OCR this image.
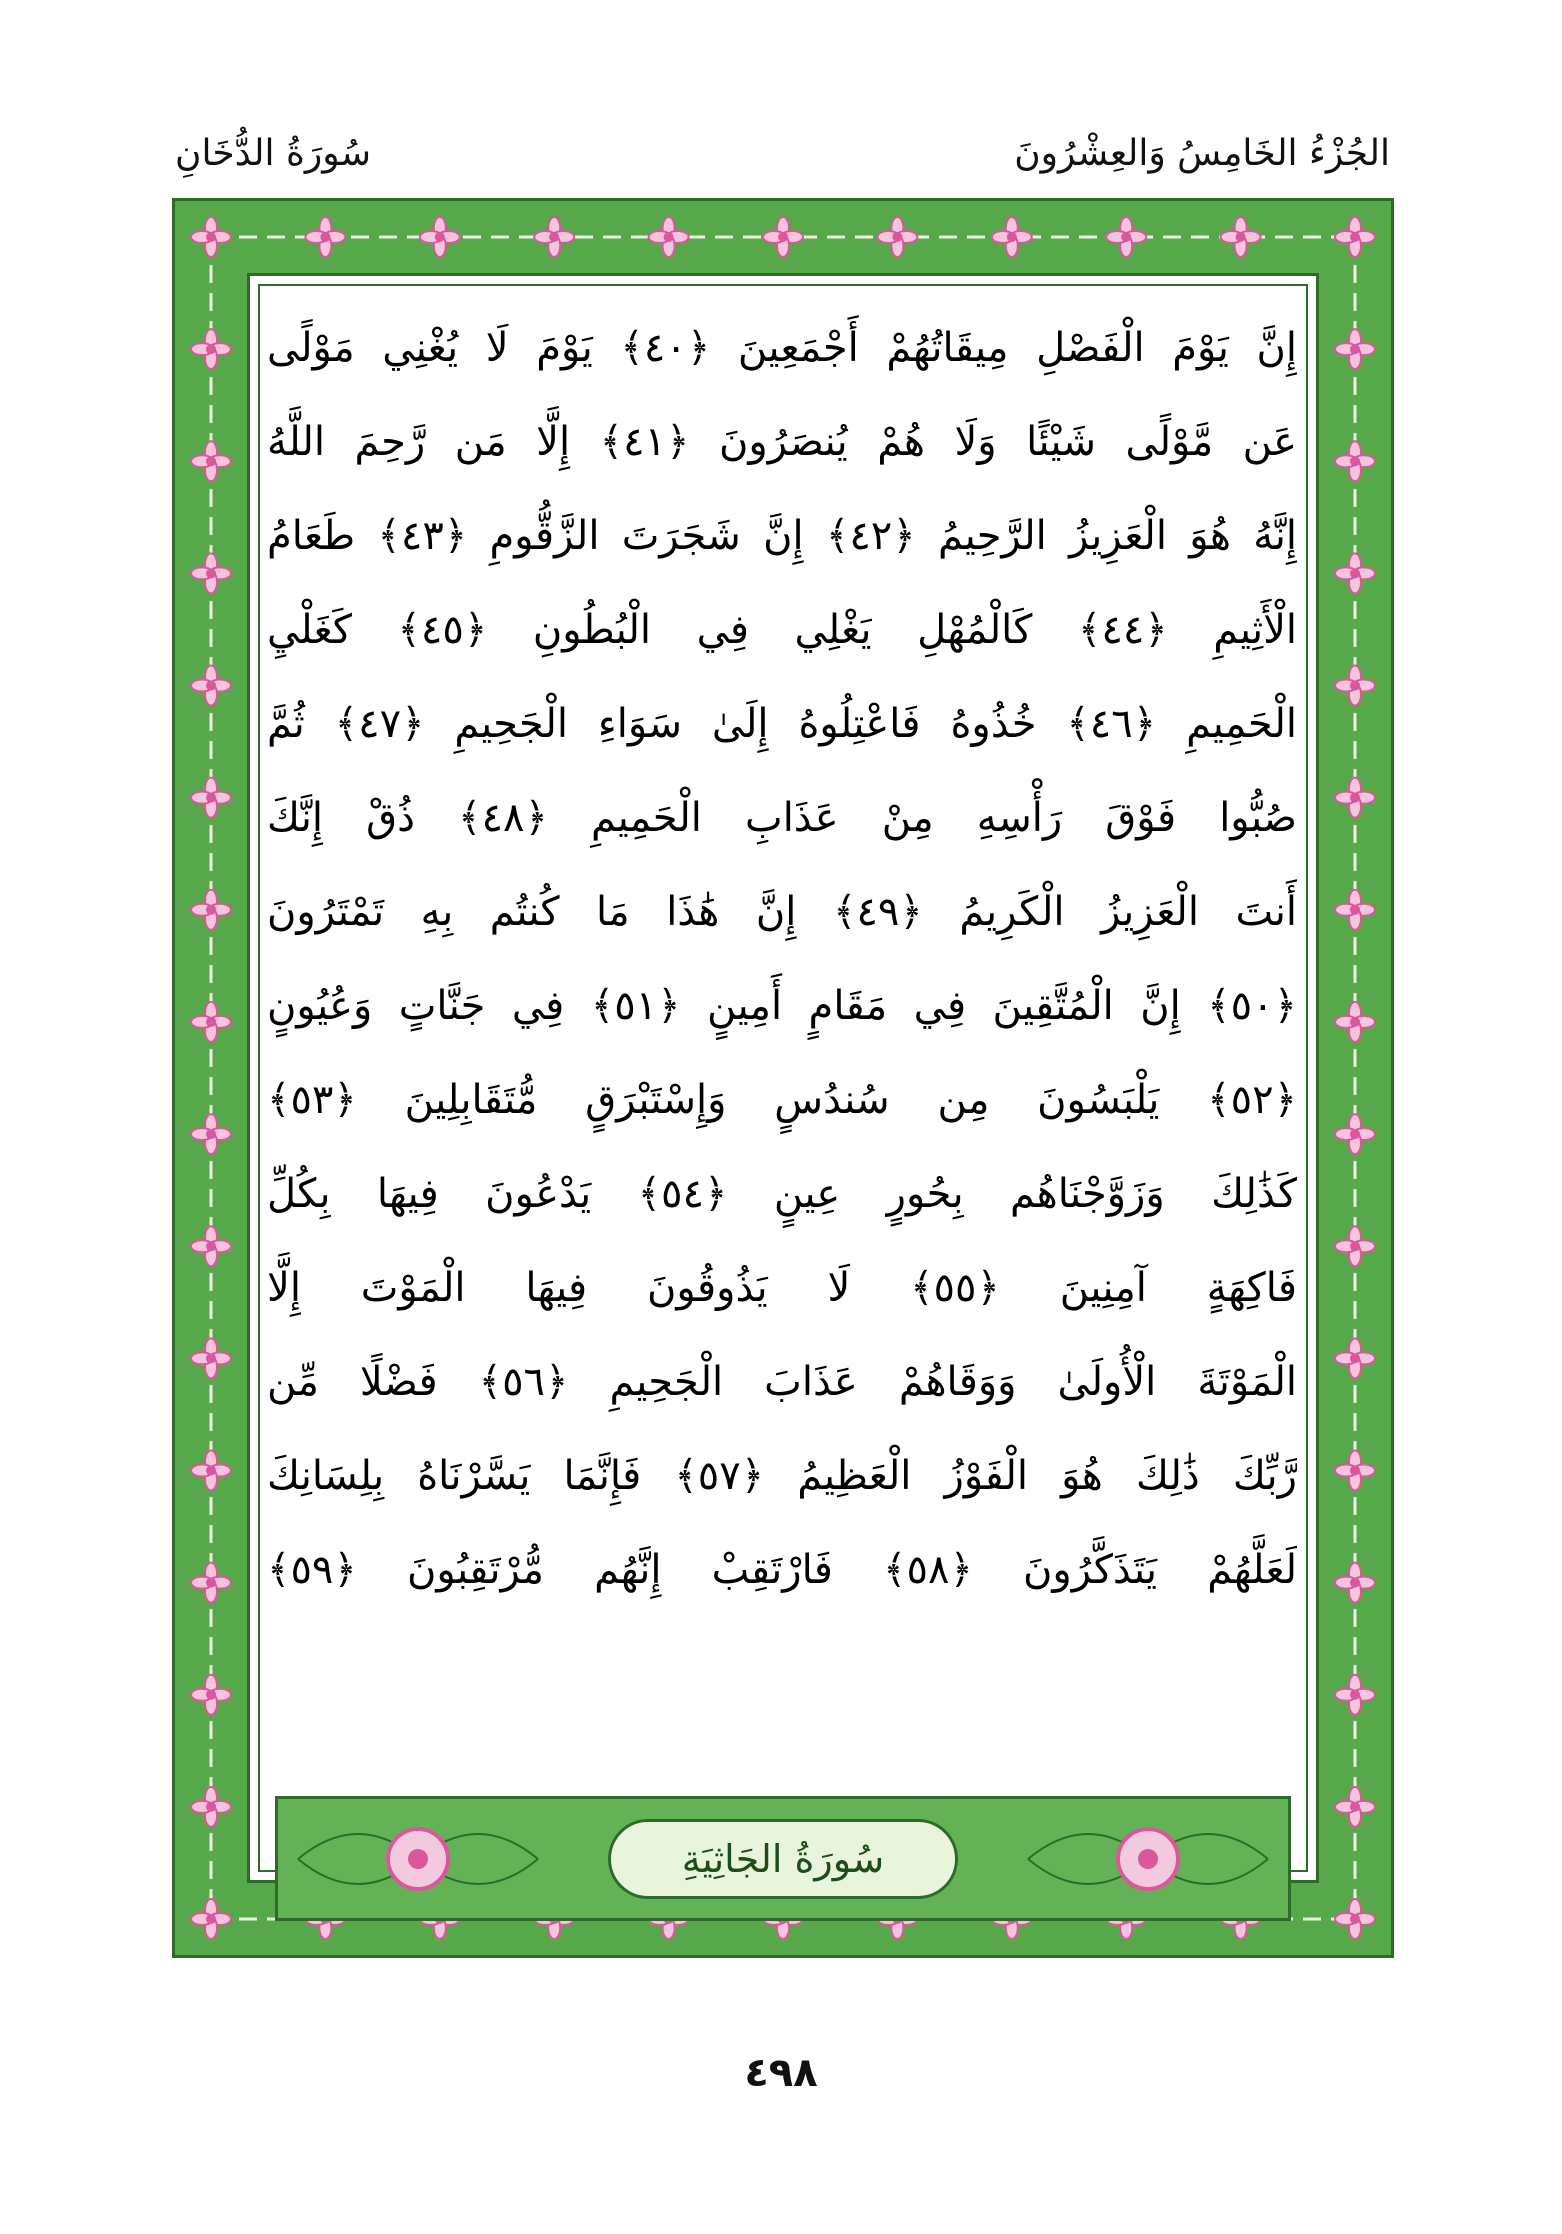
الجُزْءُ الخَامِسُ وَالعِشْرُونَ
سُورَةُ الدُّخَانِ
إِنَّ يَوْمَ الْفَصْلِ مِيقَاتُهُمْ أَجْمَعِينَ ﴿٤٠﴾ يَوْمَ لَا يُغْنِي مَوْلًى
عَن مَّوْلًى شَيْئًا وَلَا هُمْ يُنصَرُونَ ﴿٤١﴾ إِلَّا مَن رَّحِمَ اللَّهُ
إِنَّهُ هُوَ الْعَزِيزُ الرَّحِيمُ ﴿٤٢﴾ إِنَّ شَجَرَتَ الزَّقُّومِ ﴿٤٣﴾ طَعَامُ
الْأَثِيمِ ﴿٤٤﴾ كَالْمُهْلِ يَغْلِي فِي الْبُطُونِ ﴿٤٥﴾ كَغَلْيِ
الْحَمِيمِ ﴿٤٦﴾ خُذُوهُ فَاعْتِلُوهُ إِلَىٰ سَوَاءِ الْجَحِيمِ ﴿٤٧﴾ ثُمَّ
صُبُّوا فَوْقَ رَأْسِهِ مِنْ عَذَابِ الْحَمِيمِ ﴿٤٨﴾ ذُقْ إِنَّكَ
أَنتَ الْعَزِيزُ الْكَرِيمُ ﴿٤٩﴾ إِنَّ هَٰذَا مَا كُنتُم بِهِ تَمْتَرُونَ
﴿٥٠﴾ إِنَّ الْمُتَّقِينَ فِي مَقَامٍ أَمِينٍ ﴿٥١﴾ فِي جَنَّاتٍ وَعُيُونٍ
﴿٥٢﴾ يَلْبَسُونَ مِن سُندُسٍ وَإِسْتَبْرَقٍ مُّتَقَابِلِينَ ﴿٥٣﴾
كَذَٰلِكَ وَزَوَّجْنَاهُم بِحُورٍ عِينٍ ﴿٥٤﴾ يَدْعُونَ فِيهَا بِكُلِّ
فَاكِهَةٍ آمِنِينَ ﴿٥٥﴾ لَا يَذُوقُونَ فِيهَا الْمَوْتَ إِلَّا
الْمَوْتَةَ الْأُولَىٰ وَوَقَاهُمْ عَذَابَ الْجَحِيمِ ﴿٥٦﴾ فَضْلًا مِّن
رَّبِّكَ ذَٰلِكَ هُوَ الْفَوْزُ الْعَظِيمُ ﴿٥٧﴾ فَإِنَّمَا يَسَّرْنَاهُ بِلِسَانِكَ
لَعَلَّهُمْ يَتَذَكَّرُونَ ﴿٥٨﴾ فَارْتَقِبْ إِنَّهُم مُّرْتَقِبُونَ ﴿٥٩﴾
سُورَةُ الجَاثِيَةِ
٤٩٨
